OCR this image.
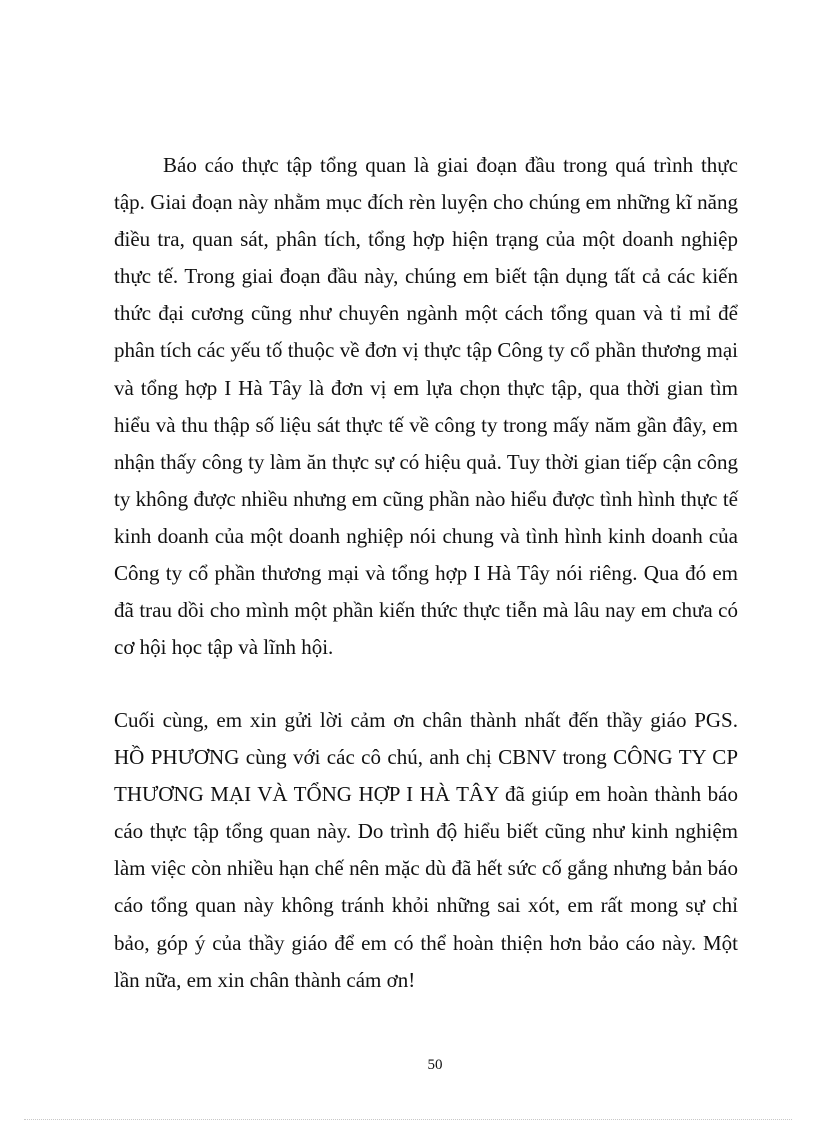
Báo cáo thực tập tổng quan là giai đoạn đầu trong quá trình thực tập. Giai đoạn này nhằm mục đích rèn luyện cho chúng em những kĩ năng điều tra, quan sát, phân tích, tổng hợp hiện trạng của một doanh nghiệp thực tế. Trong giai đoạn đầu này, chúng em biết tận dụng tất cả các kiến thức đại cương cũng như chuyên ngành một cách tổng quan và tỉ mỉ để phân tích các yếu tố thuộc về đơn vị thực tập Công ty cổ phần thương mại và tổng hợp I Hà Tây là đơn vị em lựa chọn thực tập, qua thời gian tìm hiểu và thu thập số liệu sát thực tế về công ty trong mấy năm gần đây, em nhận thấy công ty làm ăn thực sự có hiệu quả. Tuy thời gian tiếp cận công ty không được nhiều nhưng em cũng phần nào hiểu được tình hình thực tế kinh doanh của một doanh nghiệp nói chung và tình hình kinh doanh của Công ty cổ phần thương mại và tổng hợp I Hà Tây nói riêng. Qua đó em đã trau dồi cho mình một phần kiến thức thực tiễn mà lâu nay em chưa có cơ hội học tập và lĩnh hội.

Cuối cùng, em xin gửi lời cảm ơn chân thành nhất đến thầy giáo PGS. HỒ PHƯƠNG cùng với các cô chú, anh chị CBNV trong CÔNG TY CP THƯƠNG MẠI VÀ TỔNG HỢP I HÀ TÂY đã giúp em hoàn thành báo cáo thực tập tổng quan này. Do trình độ hiểu biết cũng như kinh nghiệm làm việc còn nhiều hạn chế nên mặc dù đã hết sức cố gắng nhưng bản báo cáo tổng quan này không tránh khỏi những sai xót, em rất mong sự chỉ bảo, góp ý của thầy giáo để em có thể hoàn thiện hơn bảo cáo này. Một lần nữa, em xin chân thành cám ơn!

50
